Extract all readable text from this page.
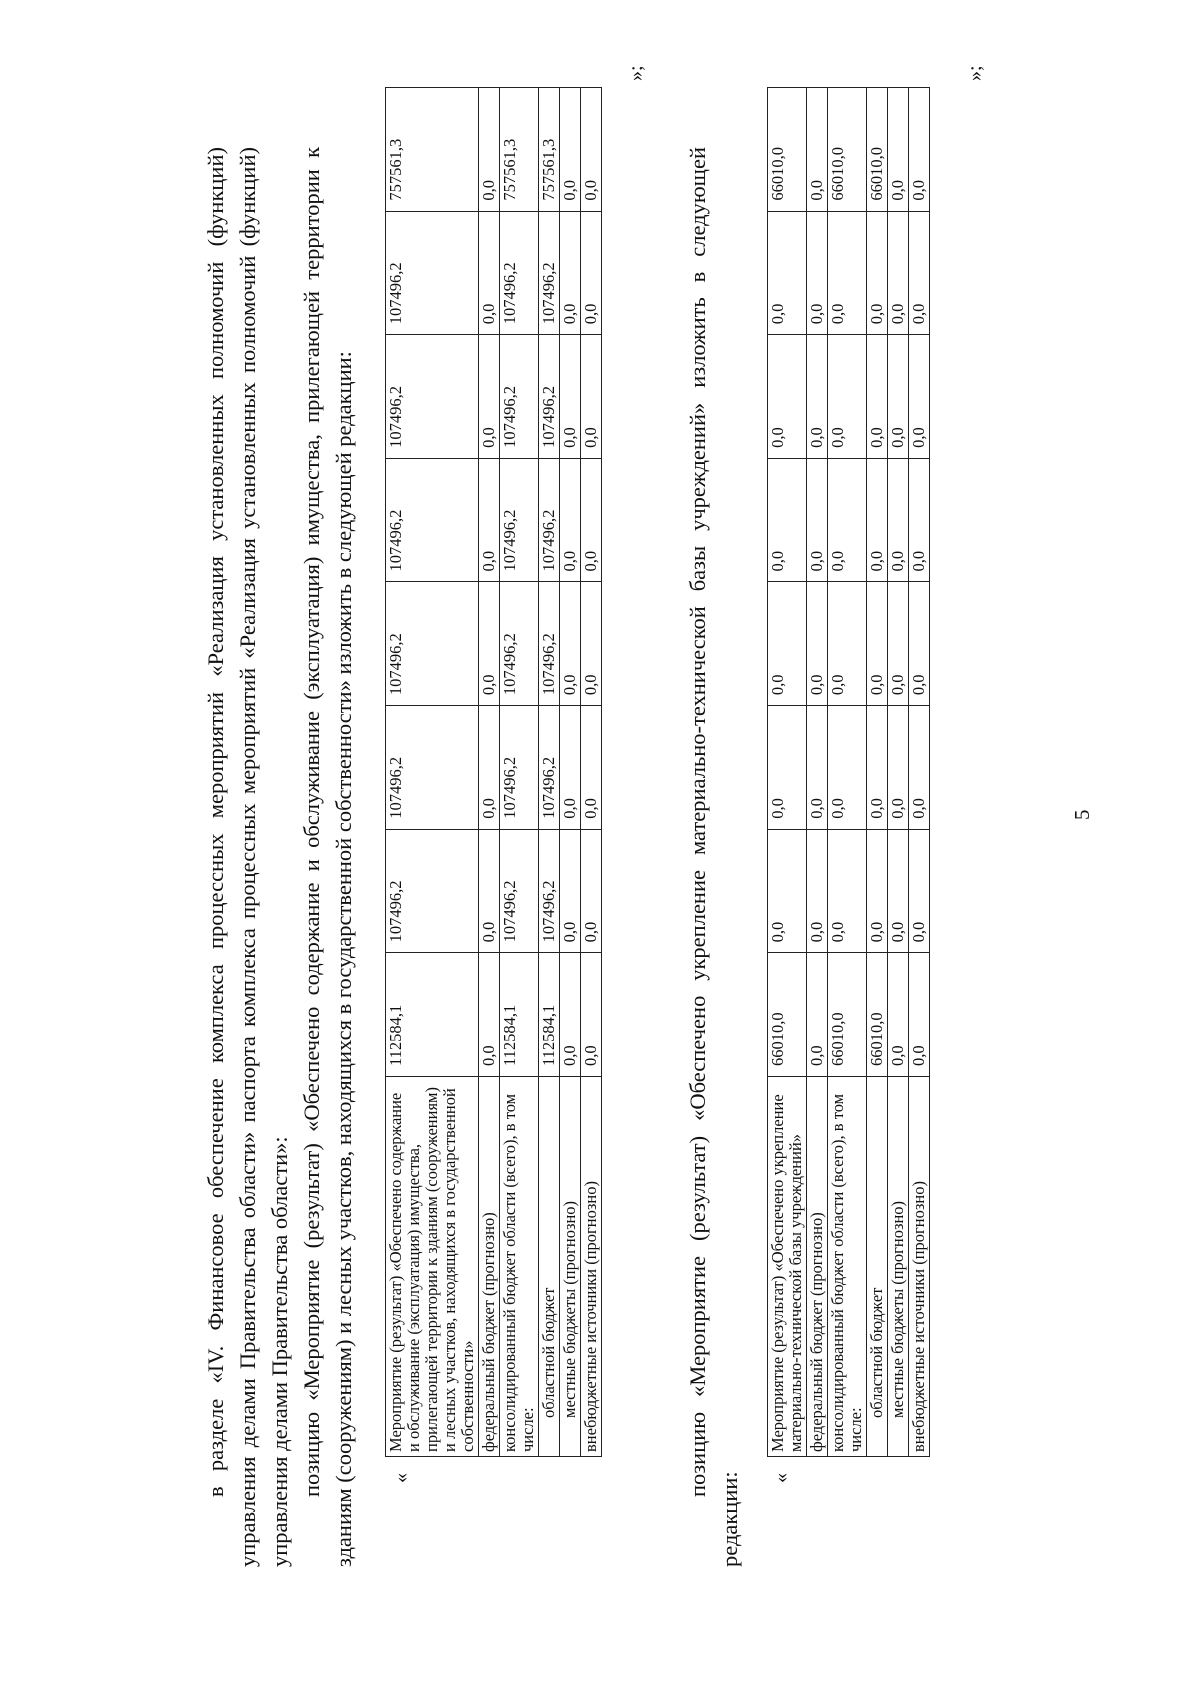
5

в разделе «IV. Финансовое обеспечение комплекса процессных мероприятий «Реализация установленных полномочий (функций) управления делами Правительства области» паспорта комплекса процессных мероприятий «Реализация установленных полномочий (функций) управления делами Правительства области»: позицию «Мероприятие (результат) «Обеспечено содержание и обслуживание (эксплуатация) имущества, прилегающей территории к зданиям (сооружениям) и лесных участков, находящихся в государственной собственности» изложить в следующей редакции: «
Мероприятие (результат) «Обеспечено содержание и обслуживание (эксплуатация) имущества, прилегающей территории к зданиям (сооружениям) и лесных участков, находящихся в государственной собственности»	112584,1	107496,2	107496,2	107496,2	107496,2	107496,2	107496,2	757561,3
федеральный бюджет (прогнозно)	0,0	0,0	0,0	0,0	0,0	0,0	0,0	0,0
консолидированный бюджет области (всего), в том числе:	112584,1	107496,2	107496,2	107496,2	107496,2	107496,2	107496,2	757561,3
областной бюджет	112584,1	107496,2	107496,2	107496,2	107496,2	107496,2	107496,2	757561,3
местные бюджеты (прогнозно)	0,0	0,0	0,0	0,0	0,0	0,0	0,0	0,0
внебюджетные источники (прогнозно)	0,0	0,0	0,0	0,0	0,0	0,0	0,0	0,0
»;

позицию «Мероприятие (результат) «Обеспечено укрепление материально-технической базы учреждений» изложить в следующей редакции: «
Мероприятие (результат) «Обеспечено укрепление материально-технической базы учреждений»	66010,0	0,0	0,0	0,0	0,0	0,0	0,0	66010,0
федеральный бюджет (прогнозно)	0,0	0,0	0,0	0,0	0,0	0,0	0,0	0,0
консолидированный бюджет области (всего), в том числе:	66010,0	0,0	0,0	0,0	0,0	0,0	0,0	66010,0
областной бюджет	66010,0	0,0	0,0	0,0	0,0	0,0	0,0	66010,0
местные бюджеты (прогнозно)	0,0	0,0	0,0	0,0	0,0	0,0	0,0	0,0
внебюджетные источники (прогнозно)	0,0	0,0	0,0	0,0	0,0	0,0	0,0	0,0
»;
